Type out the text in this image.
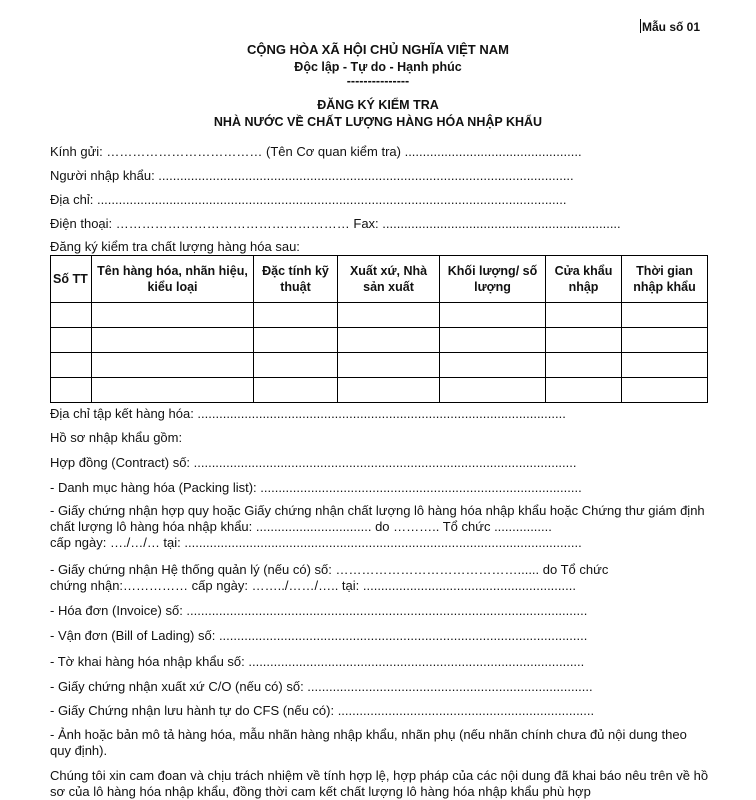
Mẫu số 01
CỘNG HÒA XÃ HỘI CHỦ NGHĨA VIỆT NAM
Độc lập - Tự do - Hạnh phúc
---------------
ĐĂNG KÝ KIỂM TRA
NHÀ NƯỚC VỀ CHẤT LƯỢNG HÀNG HÓA NHẬP KHẨU
Kính gửi: ……………………………… (Tên Cơ quan kiểm tra) .................................................
Người nhập khẩu: ...................................................................................................................
Địa chỉ: ..................................................................................................................................
Điện thoại: ……………………………………………… Fax: ..................................................................
Đăng ký kiểm tra chất lượng hàng hóa sau:
Số TT	Tên hàng hóa, nhãn hiệu, kiểu loại	Đặc tính kỹ thuật	Xuất xứ, Nhà sản xuất	Khối lượng/ số lượng	Cửa khẩu nhập	Thời gian nhập khẩu

Địa chỉ tập kết hàng hóa: ......................................................................................................
Hồ sơ nhập khẩu gồm:
Hợp đồng (Contract) số: ..........................................................................................................
- Danh mục hàng hóa (Packing list): .........................................................................................
- Giấy chứng nhận hợp quy hoặc Giấy chứng nhận chất lượng lô hàng hóa nhập khẩu hoặc Chứng thư giám định chất lượng lô hàng hóa nhập khẩu: ................................ do ……….. Tổ chức ................
cấp ngày: …./…/… tại: ..............................................................................................................
- Giấy chứng nhận Hệ thống quản lý (nếu có) số: ……………………………………...... do Tổ chức
chứng nhận:…………… cấp ngày: ……../……/….. tại: ...........................................................
- Hóa đơn (Invoice) số: ...............................................................................................................
- Vận đơn (Bill of Lading) số: ......................................................................................................
- Tờ khai hàng hóa nhập khẩu số: .............................................................................................
- Giấy chứng nhận xuất xứ C/O (nếu có) số: ...............................................................................
- Giấy Chứng nhận lưu hành tự do CFS (nếu có): .......................................................................
- Ảnh hoặc bản mô tả hàng hóa, mẫu nhãn hàng nhập khẩu, nhãn phụ (nếu nhãn chính chưa đủ nội dung theo quy định).
Chúng tôi xin cam đoan và chịu trách nhiệm về tính hợp lệ, hợp pháp của các nội dung đã khai báo nêu trên về hồ sơ của lô hàng hóa nhập khẩu, đồng thời cam kết chất lượng lô hàng hóa nhập khẩu phù hợp
